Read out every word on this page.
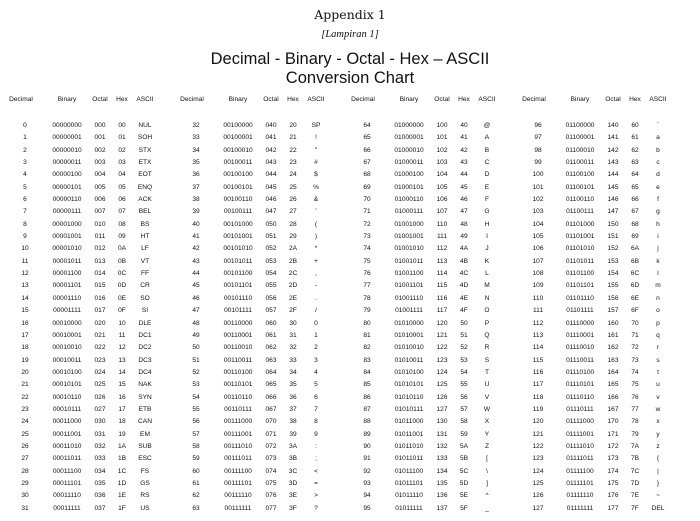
Appendix 1
[Lampiran 1]
Decimal - Binary - Octal - Hex – ASCII
Conversion Chart
Decimal	Binary	Octal	Hex	ASCII
0	00000000	000	00	NUL
1	00000001	001	01	SOH
2	00000010	002	02	STX
3	00000011	003	03	ETX
4	00000100	004	04	EOT
5	00000101	005	05	ENQ
6	00000110	006	06	ACK
7	00000111	007	07	BEL
8	00001000	010	08	BS
9	00001001	011	09	HT
10	00001010	012	0A	LF
11	00001011	013	0B	VT
12	00001100	014	0C	FF
13	00001101	015	0D	CR
14	00001110	016	0E	SO
15	00001111	017	0F	SI
16	00010000	020	10	DLE
17	00010001	021	11	DC1
18	00010010	022	12	DC2
19	00010011	023	13	DC3
20	00010100	024	14	DC4
21	00010101	025	15	NAK
22	00010110	026	16	SYN
23	00010111	027	17	ETB
24	00011000	030	18	CAN
25	00011001	031	19	EM
26	00011010	032	1A	SUB
27	00011011	033	1B	ESC
28	00011100	034	1C	FS
29	00011101	035	1D	GS
30	00011110	036	1E	RS
31	00011111	037	1F	US
Decimal	Binary	Octal	Hex	ASCII
32	00100000	040	20	SP
33	00100001	041	21	!
34	00100010	042	22	"
35	00100011	043	23	#
36	00100100	044	24	$
37	00100101	045	25	%
38	00100110	046	26	&
39	00100111	047	27	'
40	00101000	050	28	(
41	00101001	051	29	)
42	00101010	052	2A	*
43	00101011	053	2B	+
44	00101100	054	2C	,
45	00101101	055	2D	-
46	00101110	056	2E	.
47	00101111	057	2F	/
48	00110000	060	30	0
49	00110001	061	31	1
50	00110010	062	32	2
51	00110011	063	33	3
52	00110100	064	34	4
53	00110101	065	35	5
54	00110110	066	36	6
55	00110111	067	37	7
56	00111000	070	38	8
57	00111001	071	39	9
58	00111010	072	3A	:
59	00111011	073	3B	;
60	00111100	074	3C	<
61	00111101	075	3D	=
62	00111110	076	3E	>
63	00111111	077	3F	?
Decimal	Binary	Octal	Hex	ASCII
64	01000000	100	40	@
65	01000001	101	41	A
66	01000010	102	42	B
67	01000011	103	43	C
68	01000100	104	44	D
69	01000101	105	45	E
70	01000110	106	46	F
71	01000111	107	47	G
72	01001000	110	48	H
73	01001001	111	49	I
74	01001010	112	4A	J
75	01001011	113	4B	K
76	01001100	114	4C	L
77	01001101	115	4D	M
78	01001110	116	4E	N
79	01001111	117	4F	O
80	01010000	120	50	P
81	01010001	121	51	Q
82	01010010	122	52	R
83	01010011	123	53	S
84	01010100	124	54	T
85	01010101	125	55	U
86	01010110	126	56	V
87	01010111	127	57	W
88	01011000	130	58	X
89	01011001	131	59	Y
90	01011010	132	5A	Z
91	01011011	133	5B	[
92	01011100	134	5C	\
93	01011101	135	5D	]
94	01011110	136	5E	^
95	01011111	137	5F	_
Decimal	Binary	Octal	Hex	ASCII
96	01100000	140	60	`
97	01100001	141	61	a
98	01100010	142	62	b
99	01100011	143	63	c
100	01100100	144	64	d
101	01100101	145	65	e
102	01100110	146	66	f
103	01100111	147	67	g
104	01101000	150	68	h
105	01101001	151	69	i
106	01101010	152	6A	j
107	01101011	153	6B	k
108	01101100	154	6C	l
109	01101101	155	6D	m
110	01101110	156	6E	n
111	01101111	157	6F	o
112	01110000	160	70	p
113	01110001	161	71	q
114	01110010	162	72	r
115	01110011	163	73	s
116	01110100	164	74	t
117	01110101	165	75	u
118	01110110	166	76	v
119	01110111	167	77	w
120	01111000	170	78	x
121	01111001	171	79	y
122	01111010	172	7A	z
123	01111011	173	7B	{
124	01111100	174	7C	|
125	01111101	175	7D	}
126	01111110	176	7E	~
127	01111111	177	7F	DEL
